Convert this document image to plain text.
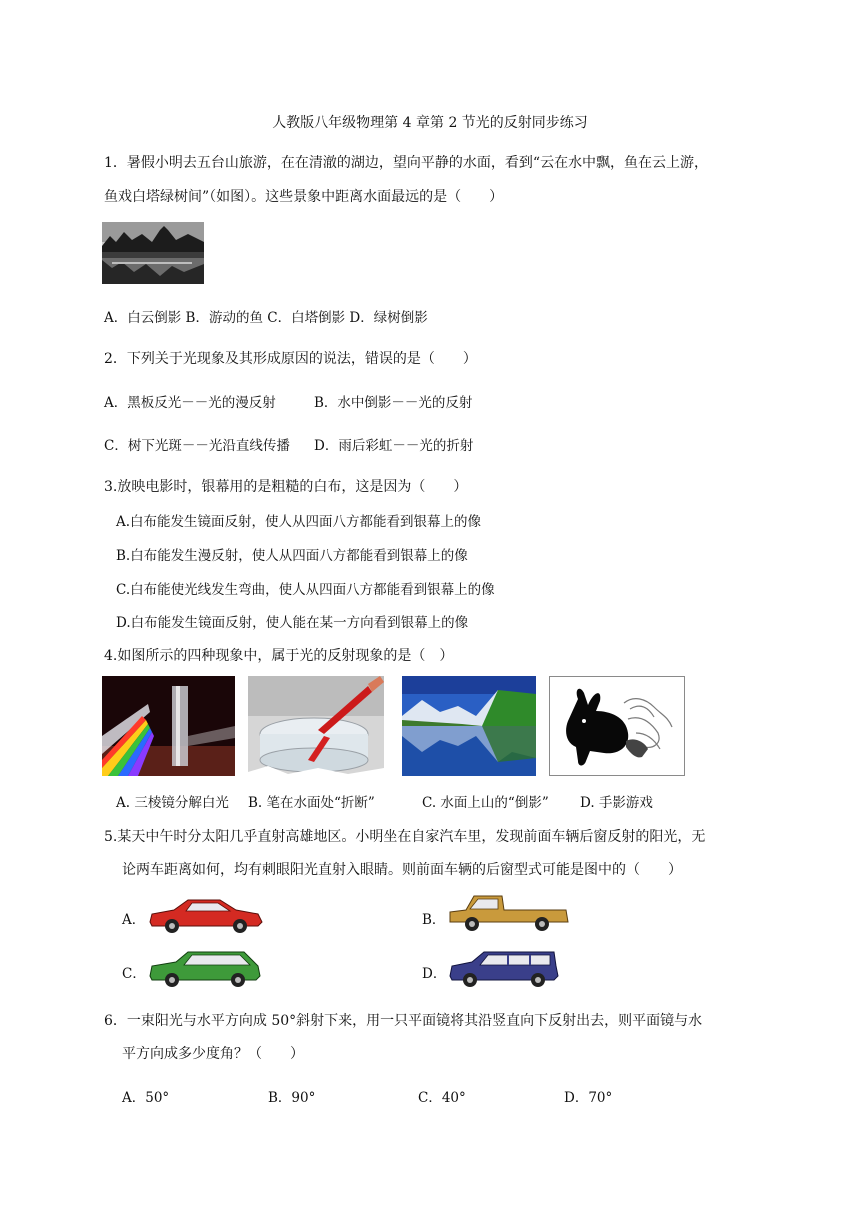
人教版八年级物理第 4 章第 2 节光的反射同步练习
1．暑假小明去五台山旅游，在在清澈的湖边，望向平静的水面，看到“云在水中飘，鱼在云上游，
鱼戏白塔绿树间”（如图）。这些景象中距离水面最远的是（　　）
A．白云倒影 B．游动的鱼 C．白塔倒影 D．绿树倒影
2．下列关于光现象及其形成原因的说法，错误的是（　　）
A．黑板反光－－光的漫反射	B．水中倒影－－光的反射
C．树下光斑－－光沿直线传播 D．雨后彩虹－－光的折射
3.放映电影时，银幕用的是粗糙的白布，这是因为（　　）
A.白布能发生镜面反射，使人从四面八方都能看到银幕上的像
B.白布能发生漫反射，使人从四面八方都能看到银幕上的像
C.白布能使光线发生弯曲，使人从四面八方都能看到银幕上的像
D.白布能发生镜面反射，使人能在某一方向看到银幕上的像
4.如图所示的四种现象中，属于光的反射现象的是（　）
A. 三棱镜分解白光 B. 笔在水面处“折断”	C. 水面上山的“倒影” D. 手影游戏
5.某天中午时分太阳几乎直射高雄地区。小明坐在自家汽车里，发现前面车辆后窗反射的阳光，无
论两车距离如何，均有刺眼阳光直射入眼睛。则前面车辆的后窗型式可能是图中的（　　）
A．	B．
C．	D．
6．一束阳光与水平方向成 50°斜射下来，用一只平面镜将其沿竖直向下反射出去，则平面镜与水
平方向成多少度角？（　　）
A．50°	B．90°	C．40°	D．70°
